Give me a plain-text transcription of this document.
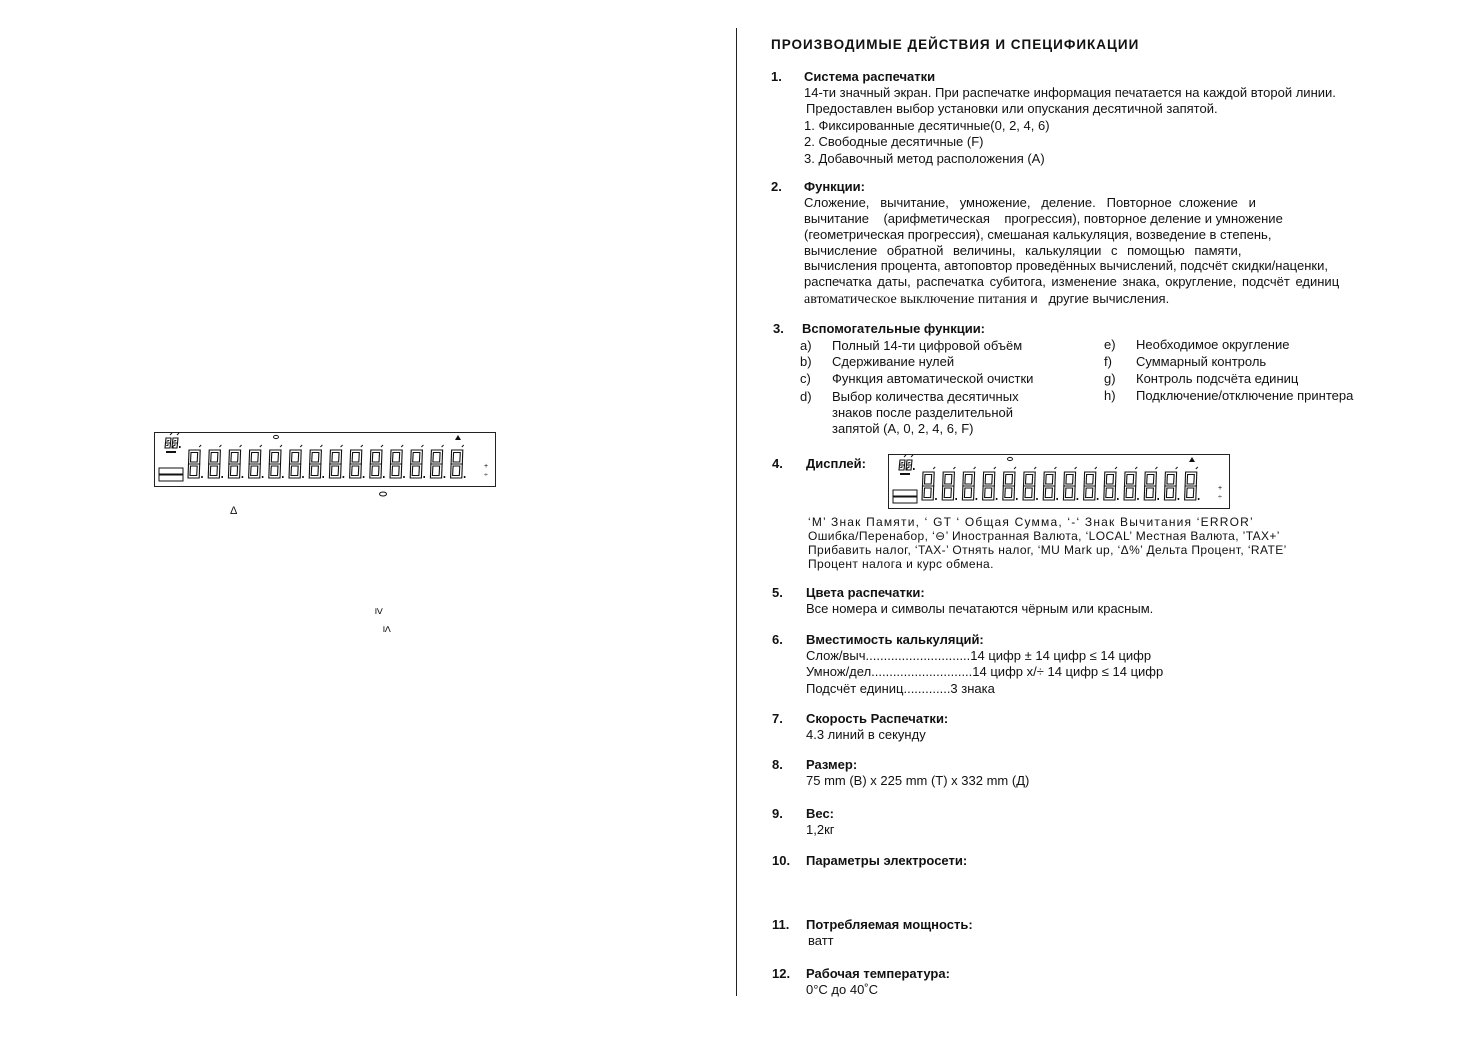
+
÷
Δ
≥
≤
ПРОИЗВОДИМЫЕ ДЕЙСТВИЯ И СПЕЦИФИКАЦИИ
1. Система распечатки
14-ти значный экран. При распечатке информация печатается на каждой второй линии.
Предоставлен выбор установки или опускания десятичной запятой.
1. Фиксированные десятичные(0, 2, 4, 6)
2. Свободные десятичные (F)
3. Добавочный метод расположения (А)
2. Функции:
Сложение,   вычитание,   умножение,   деление.   Повторное  сложение   и
вычитание    (арифметическая    прогрессия), повторное деление и умножение
(геометрическая прогрессия), смешаная калькуляция, возведение в степень,
вычисление обратной величины, калькуляции с помощью памяти,
вычисления процента, автоповтор проведённых вычислений, подсчёт скидки/наценки,
распечатка даты, распечатка субитога, изменение знака, округление, подсчёт единиц
автоматическое выключение питания и   другие вычисления.
3. Вспомогательные функции:
a) Полный 14-ти цифровой объём
b) Сдерживание нулей
c) Функция автоматической очистки
d) Выбор количества десятичных
знаков после разделительной
запятой (A, 0, 2, 4, 6, F)
e) Необходимое округление
f) Суммарный контроль
g) Контроль подсчёта единиц
h) Подключение/отключение принтера
4. Дисплей:
+
÷
‘M’ Знак Памяти, ‘ GT ‘ Общая Сумма, ‘-‘ Знак Вычитания ‘ERROR’
Ошибка/Перенабор, ‘⊖’ Иностранная Валюта, ‘LOCAL’ Местная Валюта, ’TAX+’
Прибавить налог, ‘TAX-’ Отнять налог, ‘MU Mark up, ‘Δ%’ Дельта Процент, ‘RATE’
Процент налога и курс обмена.
5. Цвета распечатки:
Все номера и символы печатаются чёрным или красным.
6. Вместимость калькуляций:
Слож/выч.............................14 цифр ± 14 цифр ≤ 14 цифр
Умнож/дел............................14 цифр х/÷ 14 цифр ≤ 14 цифр
Подсчёт единиц.............3 знака
7. Скорость Распечатки:
4.3 линий в секунду
8. Размер:
75 mm (В) x 225 mm (Т) x 332 mm (Д)
9. Вес:
1,2кг
10. Параметры электросети:
11. Потребляемая мощность:
ватт
12. Рабочая температура:
0°C до 40˚C
